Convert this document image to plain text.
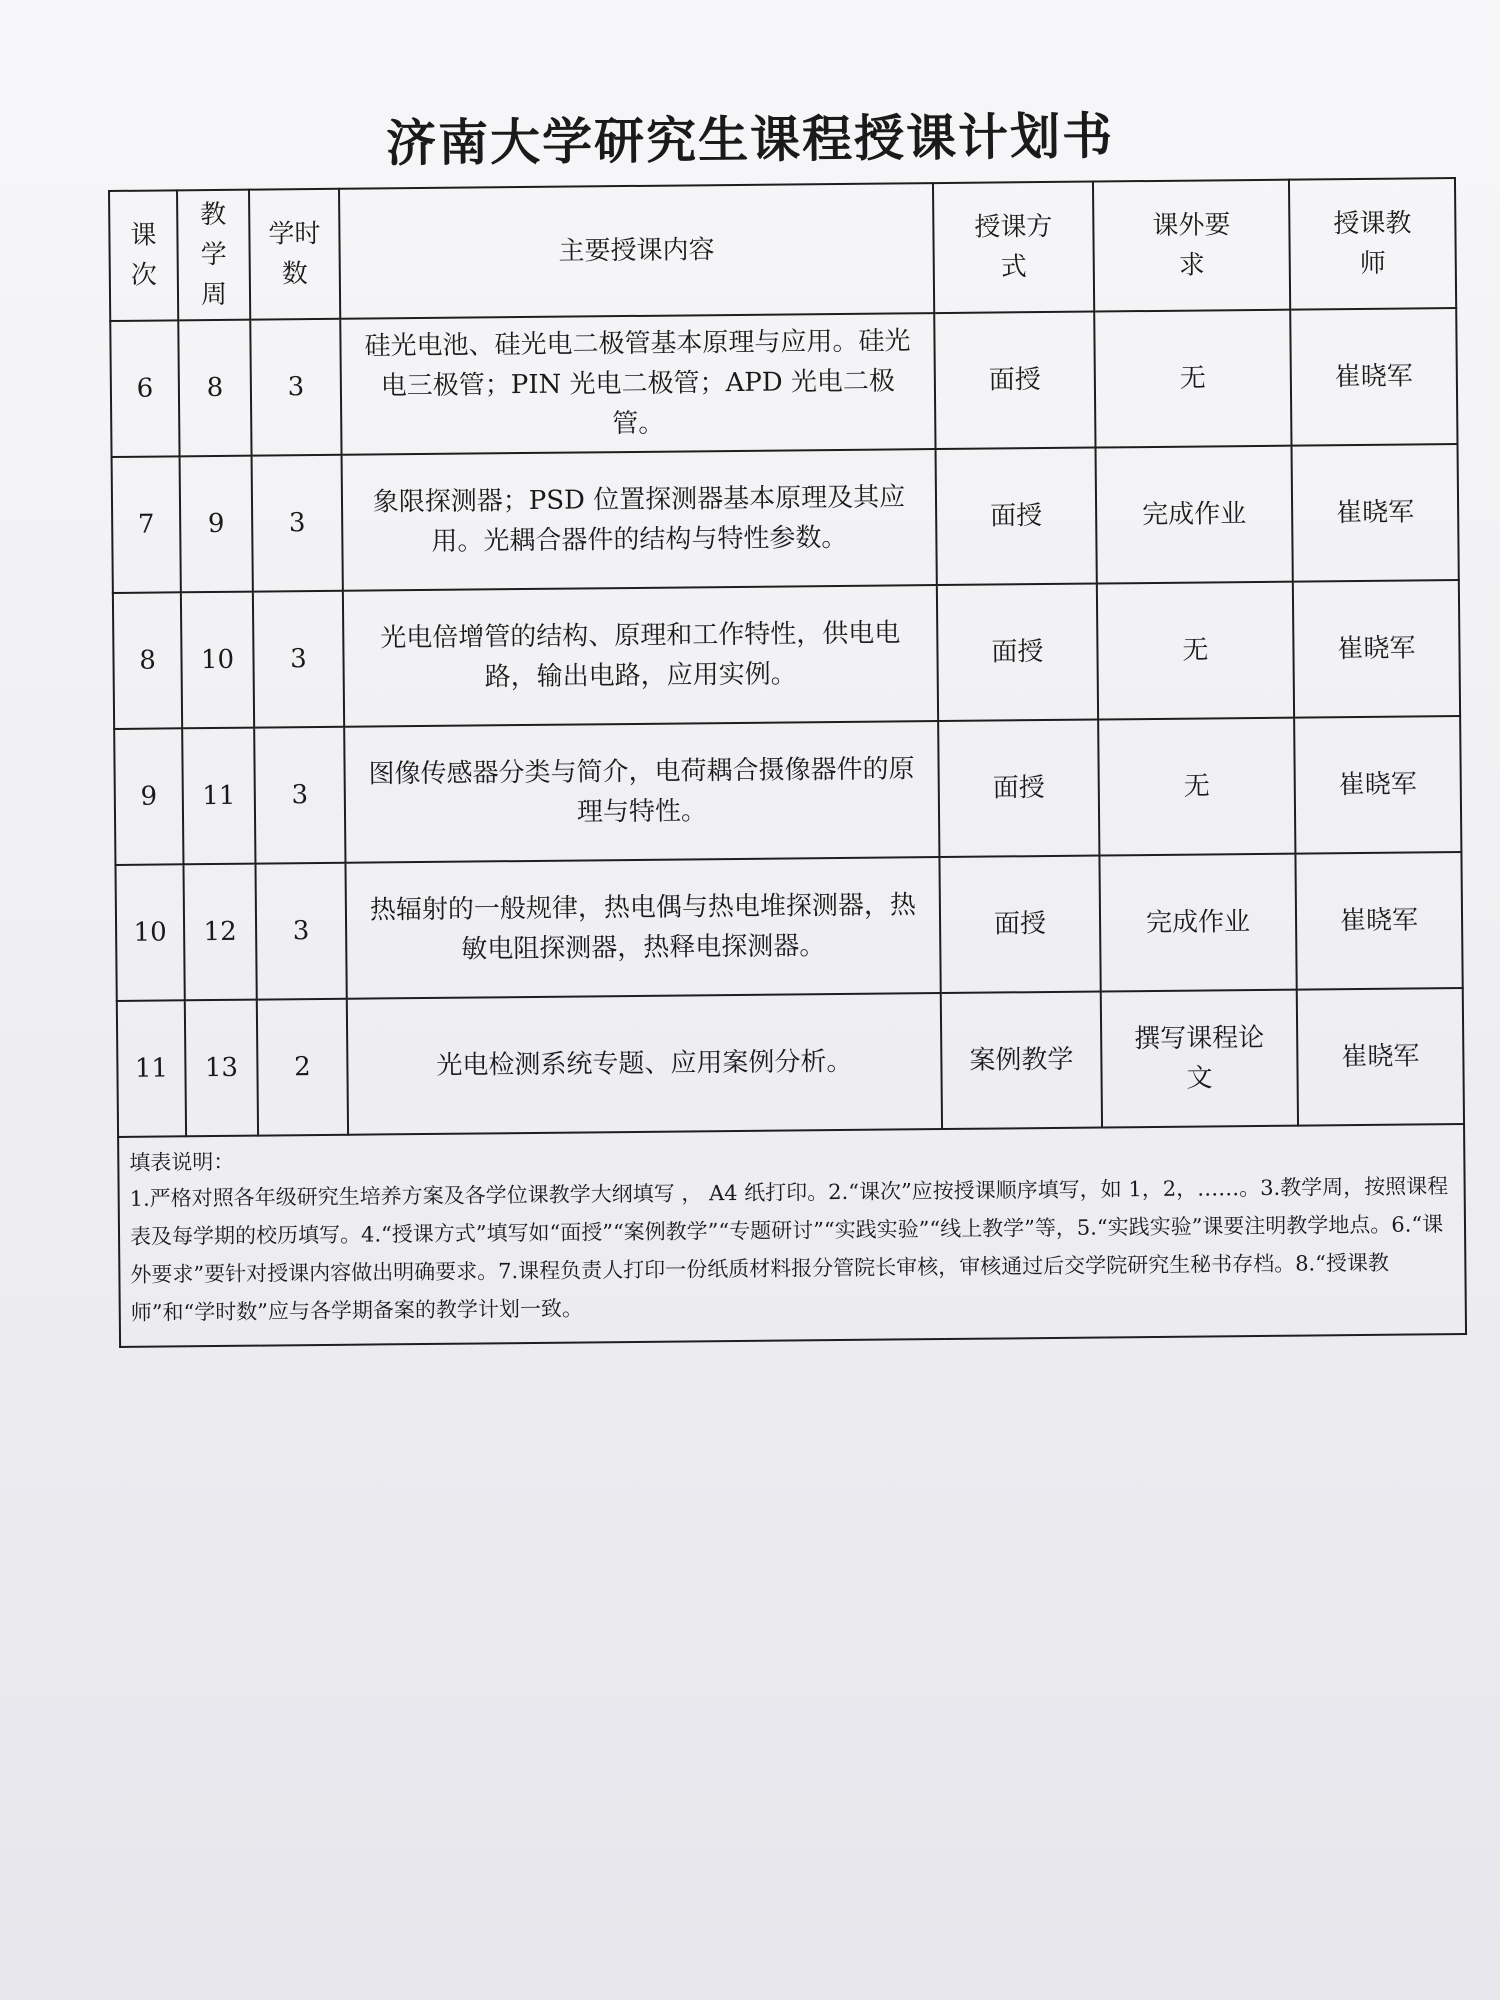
济南大学研究生课程授课计划书
课次	教学周	学时数	主要授课内容	授课方式	课外要求	授课教师
6	8	3	硅光电池、硅光电二极管基本原理与应用。硅光电三极管；PIN 光电二极管；APD 光电二极管。	面授	无	崔晓军
7	9	3	象限探测器；PSD 位置探测器基本原理及其应用。光耦合器件的结构与特性参数。	面授	完成作业	崔晓军
8	10	3	光电倍增管的结构、原理和工作特性，供电电路，输出电路，应用实例。	面授	无	崔晓军
9	11	3	图像传感器分类与简介，电荷耦合摄像器件的原理与特性。	面授	无	崔晓军
10	12	3	热辐射的一般规律，热电偶与热电堆探测器，热敏电阻探测器，热释电探测器。	面授	完成作业	崔晓军
11	13	2	光电检测系统专题、应用案例分析。	案例教学	撰写课程论文	崔晓军

填表说明：
1.严格对照各年级研究生培养方案及各学位课教学大纲填写 ， A4 纸打印。2.“课次”应按授课顺序填写，如 1，2，……。3.教学周，按照课程表及每学期的校历填写。4.“授课方式”填写如“面授”“案例教学”“专题研讨”“实践实验”“线上教学”等，5.“实践实验”课要注明教学地点。6.“课外要求”要针对授课内容做出明确要求。7.课程负责人打印一份纸质材料报分管院长审核，审核通过后交学院研究生秘书存档。8.“授课教师”和“学时数”应与各学期备案的教学计划一致。						
